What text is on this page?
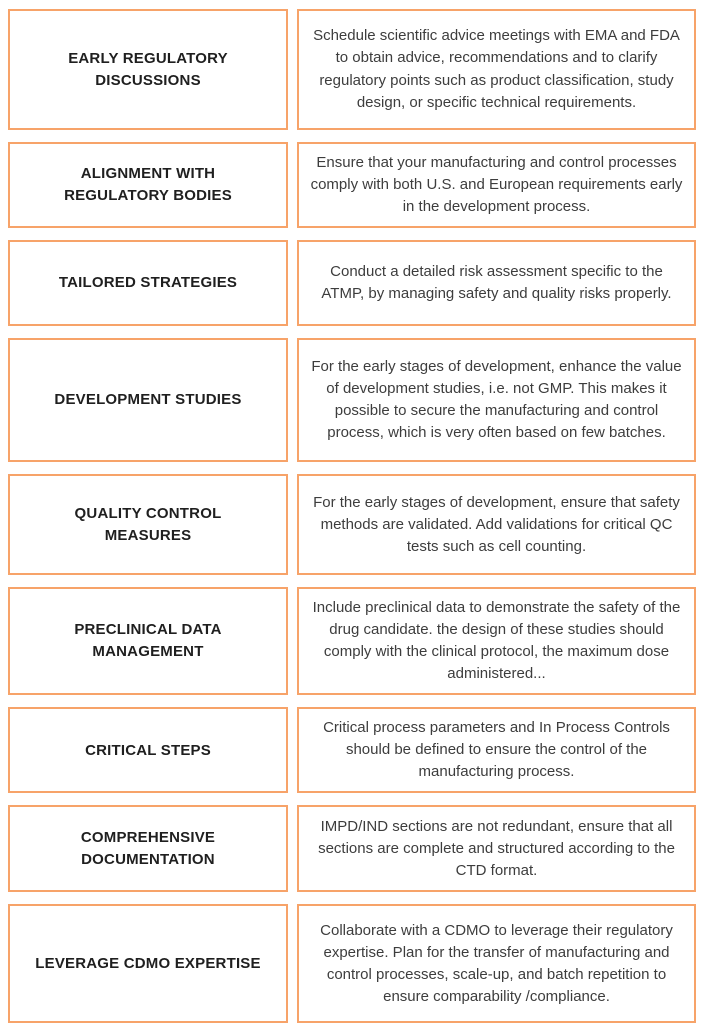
EARLY REGULATORY DISCUSSIONS
Schedule scientific advice meetings with EMA and FDA to obtain advice, recommendations and to clarify regulatory points such as product classification, study design, or specific technical requirements.
ALIGNMENT WITH REGULATORY BODIES
Ensure that your manufacturing and control processes comply with both U.S. and European requirements early in the development process.
TAILORED STRATEGIES
Conduct a detailed risk assessment specific to the ATMP, by managing safety and quality risks properly.
DEVELOPMENT STUDIES
For the early stages of development, enhance the value of development studies, i.e. not GMP. This makes it possible to secure the manufacturing and control process, which is very often based on few batches.
QUALITY CONTROL MEASURES
For the early stages of development, ensure that safety methods are validated. Add validations for critical QC tests such as cell counting.
PRECLINICAL DATA MANAGEMENT
Include preclinical data to demonstrate the safety of the drug candidate. the design of these studies should comply with the clinical protocol, the maximum dose administered...
CRITICAL STEPS
Critical process parameters and In Process Controls should be defined to ensure the control of the manufacturing process.
COMPREHENSIVE DOCUMENTATION
IMPD/IND sections are not redundant, ensure that all sections are complete and structured according to the CTD format.
LEVERAGE CDMO EXPERTISE
Collaborate with a CDMO to leverage their regulatory expertise. Plan for the transfer of manufacturing and control processes, scale-up, and batch repetition to ensure comparability /compliance.
